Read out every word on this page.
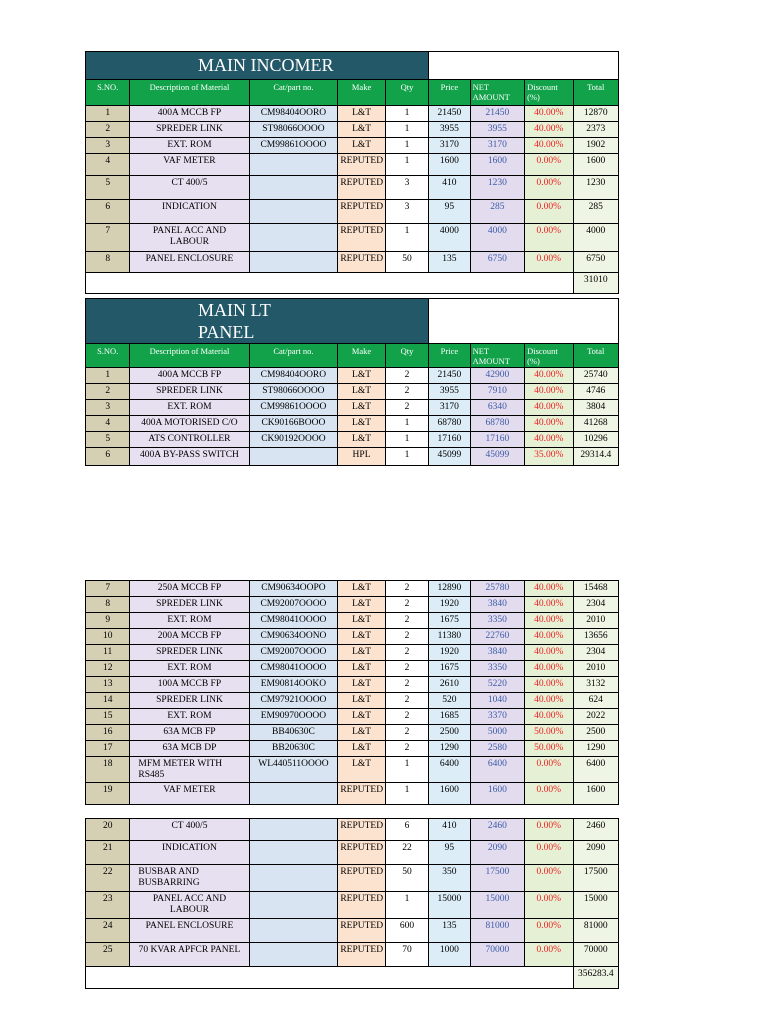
MAIN INCOMER								
S.NO.	Description of Material	Cat/part no.	Make	Qty	Price	NET AMOUNT	Discount (%)	Total
1	400A MCCB FP	CM98404OORO	L&T	1	21450	21450	40.00%	12870
2	SPREDER LINK	ST98066OOOO	L&T	1	3955	3955	40.00%	2373
3	EXT. ROM	CM99861OOOO	L&T	1	3170	3170	40.00%	1902
4	VAF METER		REPUTED	1	1600	1600	0.00%	1600
5	CT 400/5		REPUTED	3	410	1230	0.00%	1230
6	INDICATION		REPUTED	3	95	285	0.00%	285
7	PANEL ACC AND LABOUR		REPUTED	1	4000	4000	0.00%	4000
8	PANEL ENCLOSURE		REPUTED	50	135	6750	0.00%	6750
								31010
MAIN LT
PANEL								

S.NO.	Description of Material	Cat/part no.	Make	Qty	Price	NET AMOUNT	Discount (%)	Total
1	400A MCCB FP	CM98404OORO	L&T	2	21450	42900	40.00%	25740
2	SPREDER LINK	ST98066OOOO	L&T	2	3955	7910	40.00%	4746
3	EXT. ROM	CM99861OOOO	L&T	2	3170	6340	40.00%	3804
4	400A MOTORISED C/O	CK90166BOOO	L&T	1	68780	68780	40.00%	41268
5	ATS CONTROLLER	CK90192OOOO	L&T	1	17160	17160	40.00%	10296
6	400A BY-PASS SWITCH		HPL	1	45099	45099	35.00%	29314.4
7	250A MCCB FP	CM90634OOPO	L&T	2	12890	25780	40.00%	15468
8	SPREDER LINK	CM92007OOOO	L&T	2	1920	3840	40.00%	2304
9	EXT. ROM	CM98041OOOO	L&T	2	1675	3350	40.00%	2010
10	200A MCCB FP	CM90634OONO	L&T	2	11380	22760	40.00%	13656
11	SPREDER LINK	CM92007OOOO	L&T	2	1920	3840	40.00%	2304
12	EXT. ROM	CM98041OOOO	L&T	2	1675	3350	40.00%	2010
13	100A MCCB FP	EM90814OOKO	L&T	2	2610	5220	40.00%	3132
14	SPREDER LINK	CM97921OOOO	L&T	2	520	1040	40.00%	624
15	EXT. ROM	EM90970OOOO	L&T	2	1685	3370	40.00%	2022
16	63A MCB FP	BB40630C	L&T	2	2500	5000	50.00%	2500
17	63A MCB DP	BB20630C	L&T	2	1290	2580	50.00%	1290
18	MFM METER WITH RS485	WL440511OOOO	L&T	1	6400	6400	0.00%	6400
19	VAF METER		REPUTED	1	1600	1600	0.00%	1600
20	CT 400/5		REPUTED	6	410	2460	0.00%	2460
21	INDICATION		REPUTED	22	95	2090	0.00%	2090
22	BUSBAR AND BUSBARRING		REPUTED	50	350	17500	0.00%	17500
23	PANEL ACC AND LABOUR		REPUTED	1	15000	15000	0.00%	15000
24	PANEL ENCLOSURE		REPUTED	600	135	81000	0.00%	81000
25	70 KVAR APFCR PANEL		REPUTED	70	1000	70000	0.00%	70000
								356283.4
